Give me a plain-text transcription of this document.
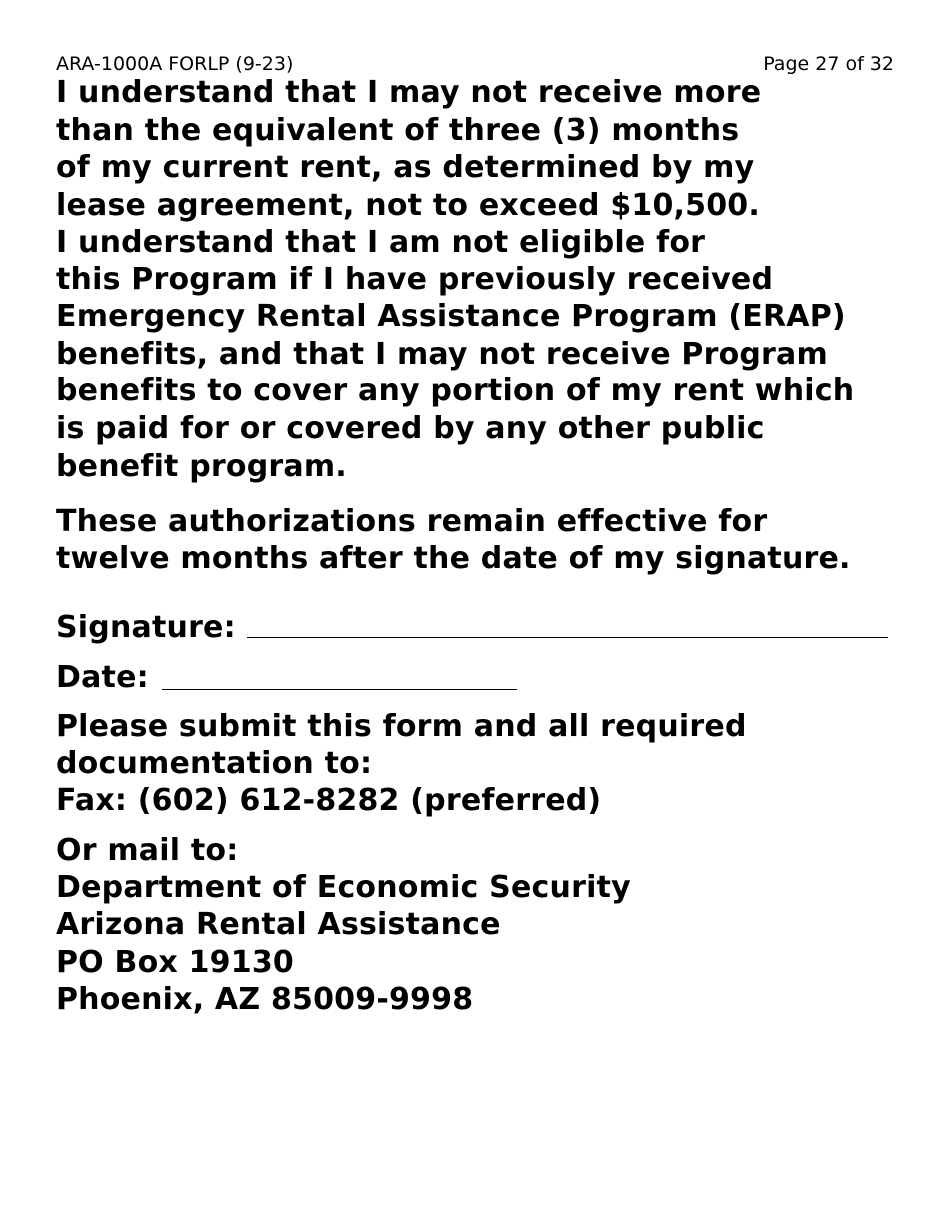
ARA-1000A FORLP (9-23)	Page 27 of 32
I understand that I may not receive more
than the equivalent of three (3) months
of my current rent, as determined by my
lease agreement, not to exceed $10,500.
I understand that I am not eligible for
this Program if I have previously received
Emergency Rental Assistance Program (ERAP)
benefits, and that I may not receive Program
benefits to cover any portion of my rent which
is paid for or covered by any other public
benefit program.
These authorizations remain effective for
twelve months after the date of my signature.
Signature:
Date:
Please submit this form and all required
documentation to:
Fax: (602) 612-8282 (preferred)
Or mail to:
Department of Economic Security
Arizona Rental Assistance
PO Box 19130
Phoenix, AZ 85009-9998
